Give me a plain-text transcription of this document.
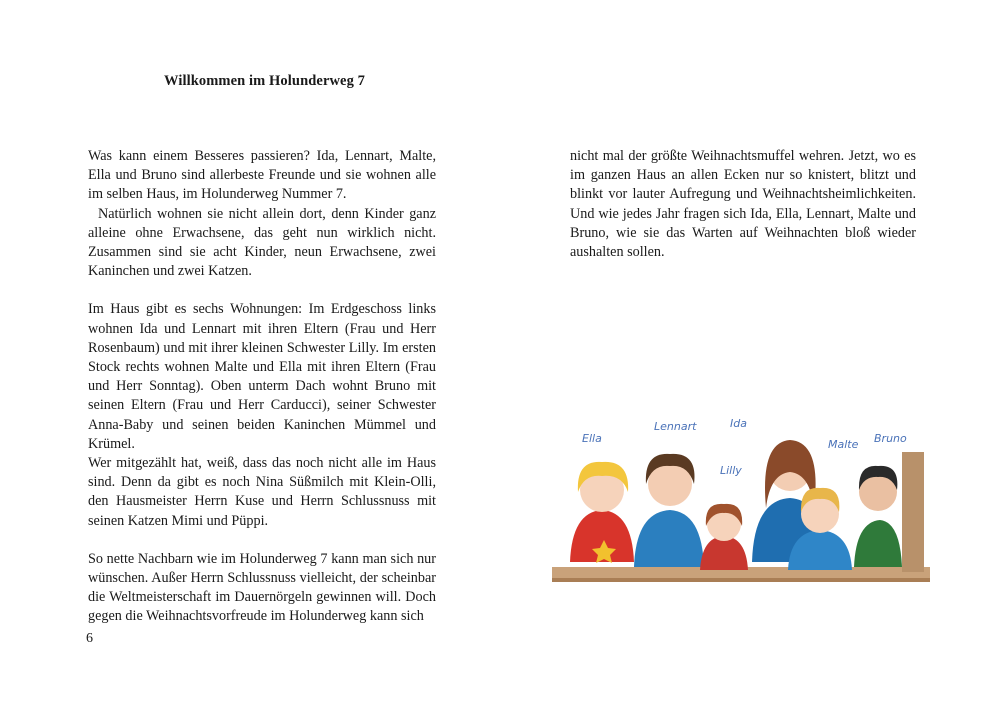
Willkommen im Holunderweg 7

Was kann einem Besseres passieren? Ida, Lennart, Malte, Ella und Bruno sind allerbeste Freunde und sie wohnen alle im selben Haus, im Holunderweg Nummer 7.

Natürlich wohnen sie nicht allein dort, denn Kinder ganz alleine ohne Erwachsene, das geht nun wirklich nicht. Zusammen sind sie acht Kinder, neun Erwachsene, zwei Kaninchen und zwei Katzen.

Im Haus gibt es sechs Wohnungen: Im Erdgeschoss links wohnen Ida und Lennart mit ihren Eltern (Frau und Herr Rosenbaum) und mit ihrer kleinen Schwester Lilly. Im ersten Stock rechts wohnen Malte und Ella mit ihren Eltern (Frau und Herr Sonntag). Oben unterm Dach wohnt Bruno mit seinen Eltern (Frau und Herr Carducci), seiner Schwester Anna-Baby und seinen beiden Kaninchen Mümmel und Krümel.

Wer mitgezählt hat, weiß, dass das noch nicht alle im Haus sind. Denn da gibt es noch Nina Süßmilch mit Klein-Olli, den Hausmeister Herrn Kuse und Herrn Schlussnuss mit seinen Katzen Mimi und Püppi.

So nette Nachbarn wie im Holunderweg 7 kann man sich nur wünschen. Außer Herrn Schlussnuss vielleicht, der scheinbar die Weltmeisterschaft im Dauernörgeln gewinnen will. Doch gegen die Weihnachtsvorfreude im Holunderweg kann sich

6

nicht mal der größte Weihnachtsmuffel wehren. Jetzt, wo es im ganzen Haus an allen Ecken nur so knistert, blitzt und blinkt vor lauter Aufregung und Weihnachtsheimlichkeiten. Und wie jedes Jahr fragen sich Ida, Ella, Lennart, Malte und Bruno, wie sie das Warten auf Weihnachten bloß wieder aushalten sollen.

Ella
Lennart	Ida
Lilly
Malte Bruno
